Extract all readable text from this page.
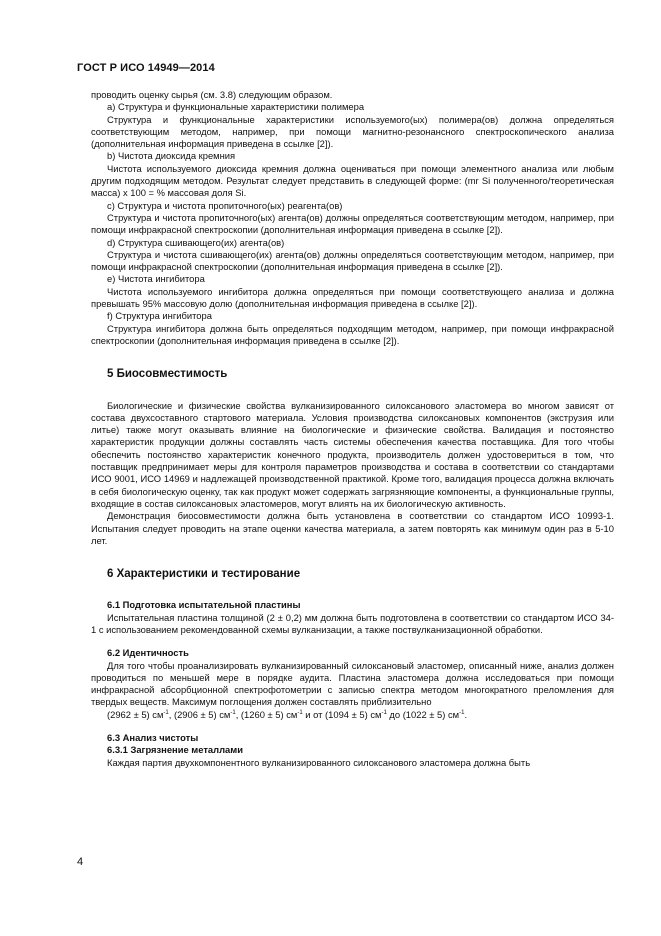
ГОСТ Р ИСО 14949—2014

проводить оценку сырья (см. 3.8) следующим образом.

a) Структура и функциональные характеристики полимера

Структура и функциональные характеристики используемого(ых) полимера(ов) должна определяться соответствующим методом, например, при помощи магнитно-резонансного спектроскопического анализа (дополнительная информация приведена в ссылке [2]).

b) Чистота диоксида кремния

Чистота используемого диоксида кремния должна оцениваться при помощи элементного анализа или любым другим подходящим методом. Результат следует представить в следующей форме: (mr Si полученного/теоретическая масса) х 100 = % массовая доля Si.

c) Структура и чистота пропиточного(ых) реагента(ов)

Структура и чистота пропиточного(ых) агента(ов) должны определяться соответствующим методом, например, при помощи инфракрасной спектроскопии (дополнительная информация приведена в ссылке [2]).

d) Структура сшивающего(их) агента(ов)

Структура и чистота сшивающего(их) агента(ов) должны определяться соответствующим методом, например, при помощи инфракрасной спектроскопии (дополнительная информация приведена в ссылке [2]).

e) Чистота ингибитора

Чистота используемого ингибитора должна определяться при помощи соответствующего анализа и должна превышать 95% массовую долю (дополнительная информация приведена в ссылке [2]).

f) Структура ингибитора

Структура ингибитора должна быть определяться подходящим методом, например, при помощи инфракрасной спектроскопии (дополнительная информация приведена в ссылке [2]).

5 Биосовместимость

Биологические и физические свойства вулканизированного силоксанового эластомера во многом зависят от состава двухсоставного стартового материала. Условия производства силоксановых компонентов (экструзия или литье) также могут оказывать влияние на биологические и физические свойства. Валидация и постоянство характеристик продукции должны составлять часть системы обеспечения качества поставщика. Для того чтобы обеспечить постоянство характеристик конечного продукта, производитель должен удостовериться в том, что поставщик предпринимает меры для контроля параметров производства и состава в соответствии со стандартами ИСО 9001, ИСО 14969 и надлежащей производственной практикой. Кроме того, валидация процесса должна включать в себя биологическую оценку, так как продукт может содержать загрязняющие компоненты, а функциональные группы, входящие в состав силоксановых эластомеров, могут влиять на их биологическую активность.

Демонстрация биосовместимости должна быть установлена в соответствии со стандартом ИСО 10993-1. Испытания следует проводить на этапе оценки качества материала, а затем повторять как минимум один раз в 5-10 лет.

6 Характеристики и тестирование

6.1 Подготовка испытательной пластины

Испытательная пластина толщиной (2 ± 0,2) мм должна быть подготовлена в соответствии со стандартом ИСО 34-1 с использованием рекомендованной схемы вулканизации, а также поствулканизационной обработки.

6.2 Идентичность

Для того чтобы проанализировать вулканизированный силоксановый эластомер, описанный ниже, анализ должен проводиться по меньшей мере в порядке аудита. Пластина эластомера должна исследоваться при помощи инфракрасной абсорбционной спектрофотометрии с записью спектра методом многократного преломления для твердых веществ. Максимум поглощения должен составлять приблизительно

(2962 ± 5) $см^{-1}$, (2906 ± 5) $см^{-1}$, (1260 ± 5) $см^{-1}$ и от (1094 ± 5) $см^{-1}$ до (1022 ± 5) $см^{-1}$.

6.3 Анализ чистоты

6.3.1 Загрязнение металлами

Каждая партия двухкомпонентного вулканизированного силоксанового эластомера должна быть

4
